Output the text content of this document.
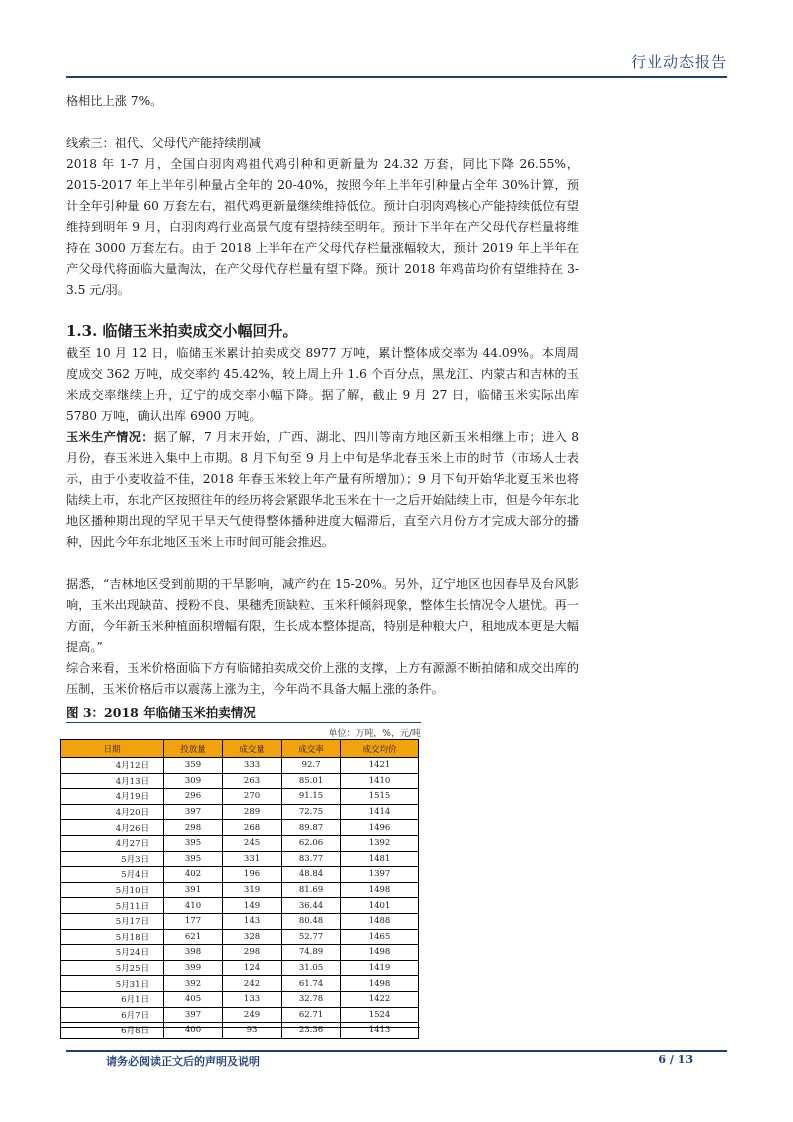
行业动态报告
格相比上涨 7%。
线索三：祖代、父母代产能持续削减
2018 年 1-7 月，全国白羽肉鸡祖代鸡引种和更新量为 24.32 万套，同比下降 26.55%，2015-2017 年上半年引种量占全年的 20-40%，按照今年上半年引种量占全年 30%计算，预计全年引种量 60 万套左右，祖代鸡更新量继续维持低位。预计白羽肉鸡核心产能持续低位有望维持到明年 9 月，白羽肉鸡行业高景气度有望持续至明年。预计下半年在产父母代存栏量将维持在 3000 万套左右。由于 2018 上半年在产父母代存栏量涨幅较大，预计 2019 年上半年在产父母代将面临大量淘汰，在产父母代存栏量有望下降。预计 2018 年鸡苗均价有望维持在 3-3.5 元/羽。
截至 10 月 12 日，临储玉米累计拍卖成交 8977 万吨，累计整体成交率为 44.09%。本周周度成交 362 万吨，成交率约 45.42%，较上周上升 1.6 个百分点，黑龙江、内蒙古和吉林的玉米成交率继续上升，辽宁的成交率小幅下降。据了解，截止 9 月 27 日，临储玉米实际出库 5780 万吨，确认出库 6900 万吨。
玉米生产情况：据了解，7 月末开始，广西、湖北、四川等南方地区新玉米相继上市；进入 8 月份，春玉米进入集中上市期。8 月下旬至 9 月上中旬是华北春玉米上市的时节（市场人士表示，由于小麦收益不佳，2018 年春玉米较上年产量有所增加）；9 月下旬开始华北夏玉米也将陆续上市，东北产区按照往年的经历将会紧跟华北玉米在十一之后开始陆续上市，但是今年东北地区播种期出现的罕见干旱天气使得整体播种进度大幅滞后，直至六月份方才完成大部分的播种，因此今年东北地区玉米上市时间可能会推迟。
据悉，“吉林地区受到前期的干旱影响，减产约在 15-20%。另外，辽宁地区也因春旱及台风影响，玉米出现缺苗、授粉不良、果穗秃顶缺粒、玉米秆倾斜现象，整体生长情况令人堪忧。再一方面，今年新玉米种植面积增幅有限，生长成本整体提高，特别是种粮大户，租地成本更是大幅提高。”
综合来看，玉米价格面临下方有临储拍卖成交价上涨的支撑，上方有源源不断拍储和成交出库的压制，玉米价格后市以震荡上涨为主，今年尚不具备大幅上涨的条件。
1.3. 临储玉米拍卖成交小幅回升。
图 3：2018 年临储玉米拍卖情况
单位：万吨，%，元/吨
日期	投放量	成交量	成交率	成交均价
4月12日	359	333	92.7	1421
4月13日	309	263	85.01	1410
4月19日	296	270	91.15	1515
4月20日	397	289	72.75	1414
4月26日	298	268	89.87	1496
4月27日	395	245	62.06	1392
5月3日	395	331	83.77	1481
5月4日	402	196	48.84	1397
5月10日	391	319	81.69	1498
5月11日	410	149	36.44	1401
5月17日	177	143	80.48	1488
5月18日	621	328	52.77	1465
5月24日	398	298	74.89	1498
5月25日	399	124	31.05	1419
5月31日	392	242	61.74	1498
6月1日	405	133	32.78	1422
6月7日	397	249	62.71	1524
6月8日	400	93	23.36	1413
请务必阅读正文后的声明及说明	6 / 13
